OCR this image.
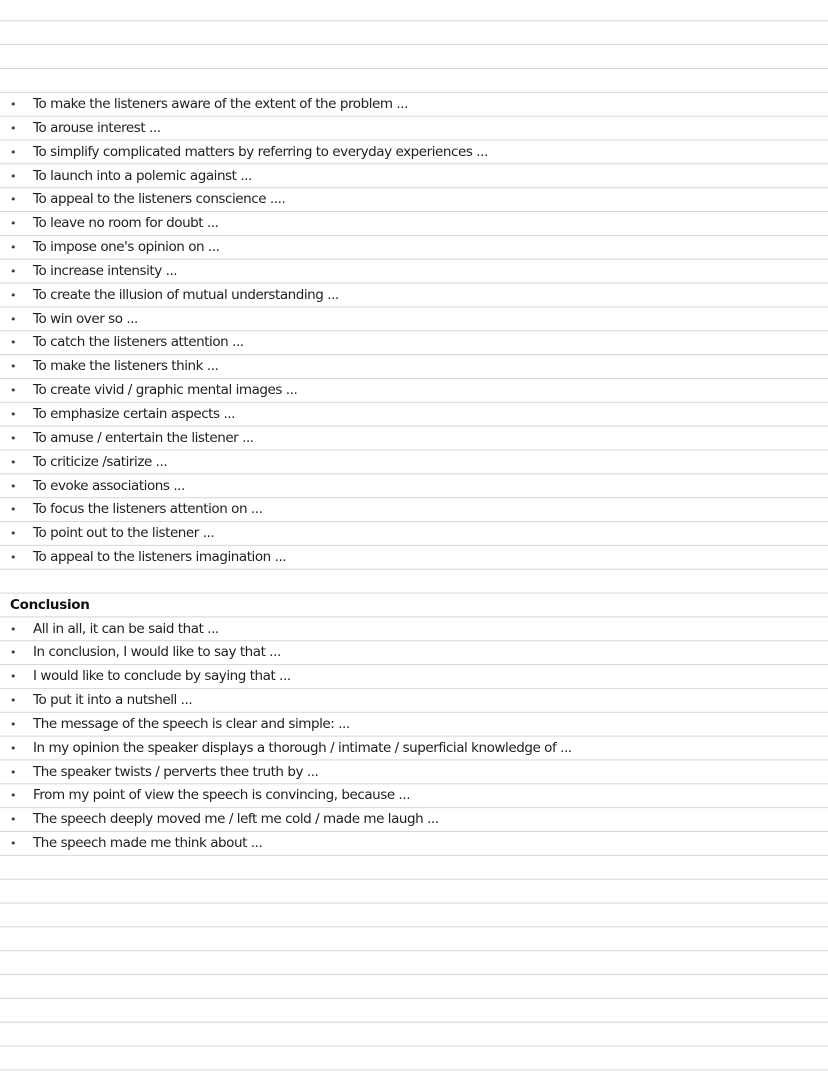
• To make the listeners aware of the extent of the problem ...
• To arouse interest ...
• To simplify complicated matters by referring to everyday experiences ...
• To launch into a polemic against ...
• To appeal to the listeners conscience ....
• To leave no room for doubt ...
• To impose one's opinion on ...
• To increase intensity ...
• To create the illusion of mutual understanding ...
• To win over so ...
• To catch the listeners attention ...
• To make the listeners think ...
• To create vivid / graphic mental images ...
• To emphasize certain aspects ...
• To amuse / entertain the listener ...
• To criticize /satirize ...
• To evoke associations ...
• To focus the listeners attention on ...
• To point out to the listener ...
• To appeal to the listeners imagination ...
Conclusion
• All in all, it can be said that ...
• In conclusion, I would like to say that ...
• I would like to conclude by saying that ...
• To put it into a nutshell ...
• The message of the speech is clear and simple: ...
• In my opinion the speaker displays a thorough / intimate / superficial knowledge of ...
• The speaker twists / perverts thee truth by ...
• From my point of view the speech is convincing, because ...
• The speech deeply moved me / left me cold / made me laugh ...
• The speech made me think about ...
